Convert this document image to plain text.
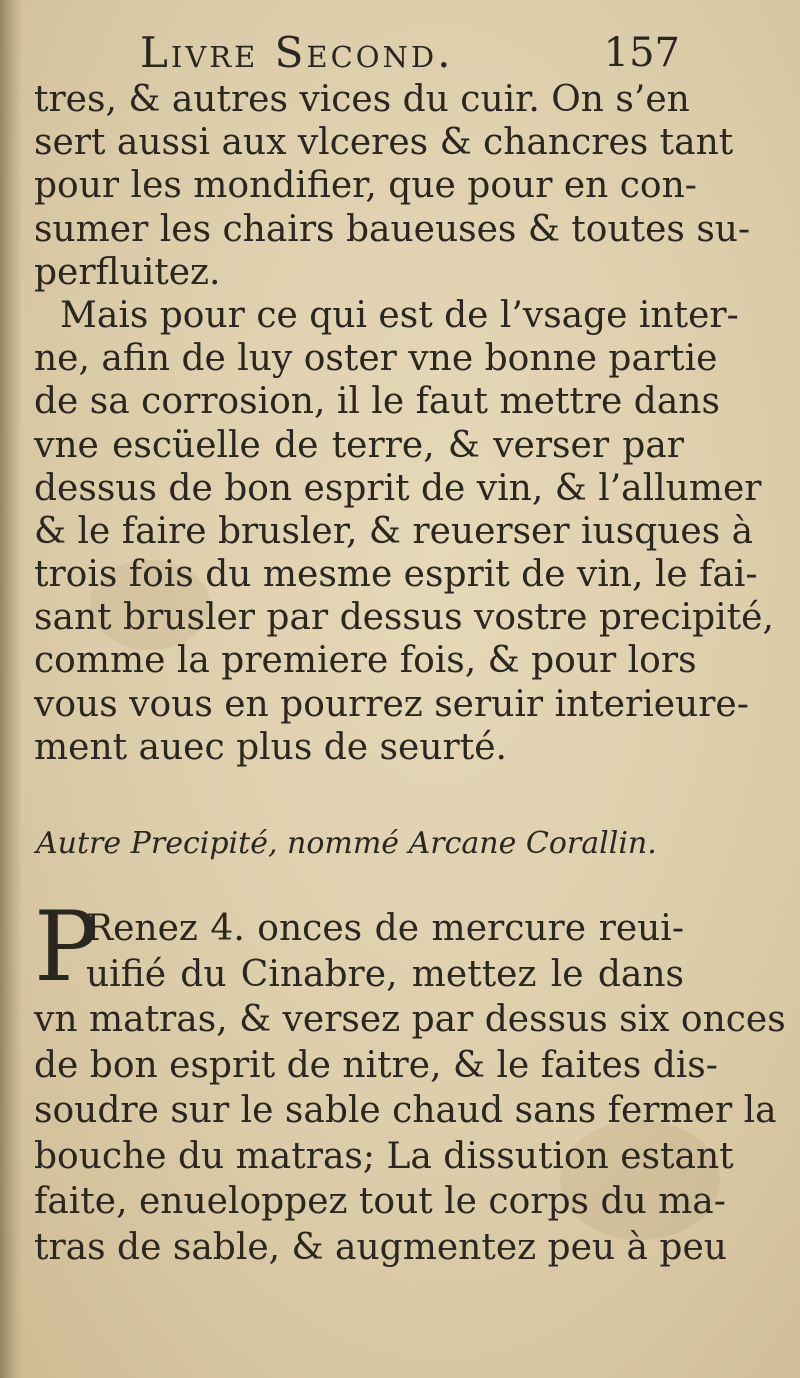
Livre Second.	157
tres, & autres vices du cuir. On s’en
sert aussi aux vlceres & chancres tant
pour les mondifier, que pour en con-
sumer les chairs baueuses & toutes su-
perfluitez.
Mais pour ce qui est de l’vsage inter-
ne, afin de luy oster vne bonne partie
de sa corrosion, il le faut mettre dans
vne escüelle de terre, & verser par
dessus de bon esprit de vin, & l’allumer
& le faire brusler, & reuerser iusques à
trois fois du mesme esprit de vin, le fai-
sant brusler par dessus vostre precipité,
comme la premiere fois, & pour lors
vous vous en pourrez seruir interieure-
ment auec plus de seurté.
Autre Precipité, nommé Arcane Corallin.
P
Renez 4. onces de mercure reui-
uifié du Cinabre, mettez le dans
vn matras, & versez par dessus six onces
de bon esprit de nitre, & le faites dis-
soudre sur le sable chaud sans fermer la
bouche du matras; La dissution estant
faite, enueloppez tout le corps du ma-
tras de sable, & augmentez peu à peu
